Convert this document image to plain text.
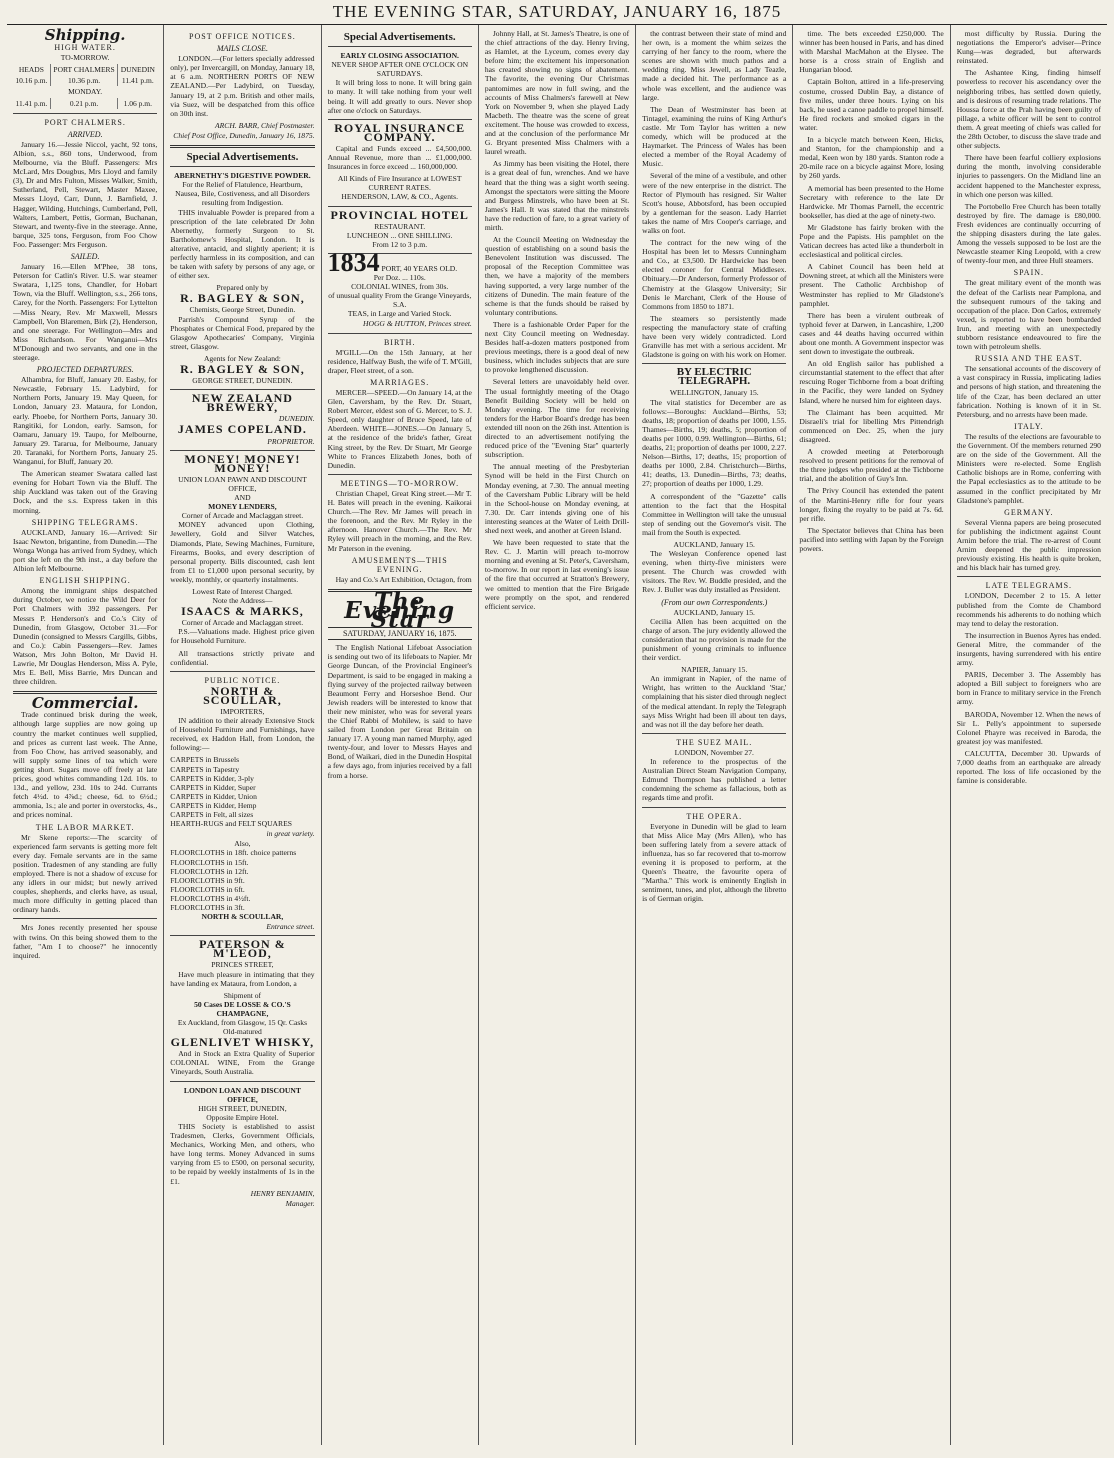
THE EVENING STAR, SATURDAY, JANUARY 16, 1875
Shipping.
HIGH WATER.
TO-MORROW.
HEADS	PORT CHALMERS	DUNEDIN
10.16 p.m.	10.36 p.m.	11.41 p.m.
MONDAY.		
11.41 p.m.	0.21 p.m.	1.06 p.m.
PORT CHALMERS.
ARRIVED.

January 16.—Jessie Niccol, yacht, 92 tons, Albion, s.s., 860 tons, Underwood, from Melbourne, via the Bluff. Passengers: Mrs McLard, Mrs Dougbus, Mrs Lloyd and family (3), Dr and Mrs Fulton, Misses Walker, Smith, Sutherland, Pell, Stewart, Master Maxee, Messrs Lloyd, Carr, Dunn, J. Barnfield, J. Hagger, Wilding, Hutchings, Cumberland, Pell, Walters, Lambert, Pettis, Gorman, Buchanan, Stewart, and twenty-five in the steerage. Anne, barque, 325 tons, Ferguson, from Foo Chow Foo. Passenger: Mrs Ferguson.

SAILED.

January 16.—Ellen M'Phee, 38 tons, Peterson for Catlin's River. U.S. war steamer Swatara, 1,125 tons, Chandler, for Hobart Town, via the Bluff. Wellington, s.s., 266 tons, Carey, for the North. Passengers: For Lyttelton—Miss Neary, Rev. Mr Maxwell, Messrs Campbell, Von Blaremen, Birk (2), Henderson, and one steerage. For Wellington—Mrs and Miss Richardson. For Wanganui—Mrs M'Donough and two servants, and one in the steerage.

PROJECTED DEPARTURES.

Alhambra, for Bluff, January 20. Easby, for Newcastle, February 15. Ladybird, for Northern Ports, January 19. May Queen, for London, January 23. Mataura, for London, early. Phoebe, for Northern Ports, January 30. Rangitiki, for London, early. Samson, for Oamaru, January 19. Taupo, for Melbourne, January 29. Tararua, for Melbourne, January 20. Taranaki, for Northern Ports, January 25. Wanganui, for Bluff, January 20.

The American steamer Swatara called last evening for Hobart Town via the Bluff. The ship Auckland was taken out of the Graving Dock, and the s.s. Express taken in this morning.

SHIPPING TELEGRAMS.

AUCKLAND, January 16.—Arrived: Sir Isaac Newton, brigantine, from Dunedin.—The Wonga Wonga has arrived from Sydney, which port she left on the 9th inst., a day before the Albion left Melbourne.

ENGLISH SHIPPING.

Among the immigrant ships despatched during October, we notice the Wild Deer for Port Chalmers with 392 passengers. Per Messrs P. Henderson's and Co.'s City of Dunedin, from Glasgow, October 31.—For Dunedin (consigned to Messrs Cargills, Gibbs, and Co.): Cabin Passengers—Rev. James Watson, Mrs John Bolton, Mr David H. Lawrie, Mr Douglas Henderson, Miss A. Pyle, Mrs E. Bell, Miss Barrie, Mrs Duncan and three children.

Commercial.

Trade continued brisk during the week, although large supplies are now going up country the market continues well supplied, and prices as current last week. The Anne, from Foo Chow, has arrived seasonably, and will supply some lines of tea which were getting short. Sugars move off freely at late prices, good whites commanding 12d. 10s. to 13d., and yellow, 23d. 10s to 24d. Currants fetch 4½d. to 4⅞d.; cheese, 6d. to 6½d.; ammonia, 1s.; ale and porter in overstocks, 4s., and prices nominal.

THE LABOR MARKET.

Mr Skene reports:—The scarcity of experienced farm servants is getting more felt every day. Female servants are in the same position. Tradesmen of any standing are fully employed. There is not a shadow of excuse for any idlers in our midst; but newly arrived couples, shepherds, and clerks have, as usual, much more difficulty in getting placed than ordinary hands.

Mrs Jones recently presented her spouse with twins. On this being showed them to the father, "Am I to choose?" he innocently inquired.

POST OFFICE NOTICES.
MAILS CLOSE.

LONDON.—(For letters specially addressed only), per Invercargill, on Monday, January 18, at 6 a.m. NORTHERN PORTS OF NEW ZEALAND.—Per Ladybird, on Tuesday, January 19, at 2 p.m. British and other mails, via Suez, will be despatched from this office on 30th inst.

ARCH. BARR, Chief Postmaster.
Chief Post Office, Dunedin, January 16, 1875.
Special Advertisements.
ABERNETHY'S DIGESTIVE POWDER.
For the Relief of Flatulence, Heartburn, Nausea, Bile, Costiveness, and all Disorders resulting from Indigestion.

THIS invaluable Powder is prepared from a prescription of the late celebrated Dr John Abernethy, formerly Surgeon to St. Bartholomew's Hospital, London. It is alterative, antacid, and slightly aperient; it is perfectly harmless in its composition, and can be taken with safety by persons of any age, or of either sex.

Prepared only by
R. BAGLEY & SON,
Chemists, George Street, Dunedin.

Parrish's Compound Syrup of the Phosphates or Chemical Food, prepared by the Glasgow Apothecaries' Company, Virginia street, Glasgow.

Agents for New Zealand:
R. BAGLEY & SON,
GEORGE STREET, DUNEDIN.
NEW ZEALAND BREWERY,
DUNEDIN.
JAMES COPELAND.
PROPRIETOR.
MONEY! MONEY! MONEY!
UNION LOAN PAWN AND DISCOUNT OFFICE,
AND
MONEY LENDERS,
Corner of Arcade and Maclaggan street.

MONEY advanced upon Clothing, Jewellery, Gold and Silver Watches, Diamonds, Plate, Sewing Machines, Furniture, Firearms, Books, and every description of personal property. Bills discounted, cash lent from £1 to £1,000 upon personal security, by weekly, monthly, or quarterly instalments.

Lowest Rate of Interest Charged.
Note the Address—
ISAACS & MARKS,
Corner of Arcade and Maclaggan street.

P.S.—Valuations made. Highest price given for Household Furniture.

All transactions strictly private and confidential.

PUBLIC NOTICE.
NORTH & SCOULLAR,
IMPORTERS,

IN addition to their already Extensive Stock of Household Furniture and Furnishings, have received, ex Haddon Hall, from London, the following:—

CARPETS in Brussels

CARPETS in Tapestry

CARPETS in Kidder, 3-ply

CARPETS in Kidder, Super

CARPETS in Kidder, Union

CARPETS in Kidder, Hemp

CARPETS in Felt, all sizes

HEARTH-RUGS and FELT SQUARES

in great variety.
Also,

FLOORCLOTHS in 18ft. choice patterns

FLOORCLOTHS in 15ft.

FLOORCLOTHS in 12ft.

FLOORCLOTHS in 9ft.

FLOORCLOTHS in 6ft.

FLOORCLOTHS in 4½ft.

FLOORCLOTHS in 3ft.

NORTH & SCOULLAR,
Entrance street.
PATERSON & M'LEOD,
PRINCES STREET,

Have much pleasure in intimating that they have landing ex Mataura, from London, a

Shipment of
50 Cases DE LOSSE & CO.'S CHAMPAGNE,
Ex Auckland, from Glasgow, 15 Qr. Casks Old-matured
GLENLIVET WHISKY,

And in Stock an Extra Quality of Superior COLONIAL WINE, From the Grange Vineyards, South Australia.

LONDON LOAN AND DISCOUNT OFFICE,
HIGH STREET, DUNEDIN,
Opposite Empire Hotel.

THIS Society is established to assist Tradesmen, Clerks, Government Officials, Mechanics, Working Men, and others, who have long terms. Money Advanced in sums varying from £5 to £500, on personal security, to be repaid by weekly instalments of 1s in the £1.

HENRY BENJAMIN,
Manager.
Special Advertisements.
EARLY CLOSING ASSOCIATION.
NEVER SHOP AFTER ONE O'CLOCK ON SATURDAYS.

It will bring loss to none. It will bring gain to many. It will take nothing from your well being. It will add greatly to ours. Never shop after one o'clock on Saturdays.

ROYAL INSURANCE COMPANY.

Capital and Funds exceed ... £4,500,000. Annual Revenue, more than ... £1,000,000. Insurances in force exceed ... 160,000,000.

All Kinds of Fire Insurance at LOWEST CURRENT RATES.
HENDERSON, LAW, & CO., Agents.
PROVINCIAL HOTEL
RESTAURANT.
LUNCHEON ... ONE SHILLING.
From 12 to 3 p.m.
1834 PORT, 40 YEARS OLD.
Per Doz. ... 110s.
COLONIAL WINES, from 30s.
of unusual quality From the Grange Vineyards, S.A.
TEAS, in Large and Varied Stock.
HOGG & HUTTON, Princes street.
BIRTH.

M'GILL—On the 15th January, at her residence, Halfway Bush, the wife of T. M'Gill, draper, Fleet street, of a son.

MARRIAGES.

MERCER—SPEED.—On January 14, at the Glen, Caversham, by the Rev. Dr. Stuart, Robert Mercer, eldest son of G. Mercer, to S. J. Speed, only daughter of Bruce Speed, late of Aberdeen. WHITE—JONES.—On January 5, at the residence of the bride's father, Great King street, by the Rev. Dr Stuart, Mr George White to Frances Elizabeth Jones, both of Dunedin.

MEETINGS—TO-MORROW.

Christian Chapel, Great King street.—Mr T. H. Bates will preach in the evening. Kaikorai Church.—The Rev. Mr James will preach in the forenoon, and the Rev. Mr Ryley in the afternoon. Hanover Church.—The Rev. Mr Ryley will preach in the morning, and the Rev. Mr Paterson in the evening.

AMUSEMENTS—THIS EVENING.

Hay and Co.'s Art Exhibition, Octagon, from

The Evening Star
SATURDAY, JANUARY 16, 1875.

The English National Lifeboat Association is sending out two of its lifeboats to Napier. Mr George Duncan, of the Provincial Engineer's Department, is said to be engaged in making a flying survey of the projected railway between Beaumont Ferry and Horseshoe Bend. Our Jewish readers will be interested to know that their new minister, who was for several years the Chief Rabbi of Mohilew, is said to have sailed from London per Great Britain on January 17. A young man named Murphy, aged twenty-four, and lover to Messrs Hayes and Bond, of Waikari, died in the Dunedin Hospital a few days ago, from injuries received by a fall from a horse.

Johnny Hall, at St. James's Theatre, is one of the chief attractions of the day. Henry Irving, as Hamlet, at the Lyceum, comes every day before him; the excitement his impersonation has created showing no signs of abatement. The favorite, the evening Our Christmas pantomimes are now in full swing, and the accounts of Miss Chalmers's farewell at New York on November 9, when she played Lady Macbeth. The theatre was the scene of great excitement. The house was crowded to excess, and at the conclusion of the performance Mr G. Bryant presented Miss Chalmers with a laurel wreath.

As Jimmy has been visiting the Hotel, there is a great deal of fun, wrenches. And we have heard that the thing was a sight worth seeing. Amongst the spectators were sitting the Moore and Burgess Minstrels, who have been at St. James's Hall. It was stated that the minstrels have the reduction of fare, to a great variety of mirth.

At the Council Meeting on Wednesday the question of establishing on a sound basis the Benevolent Institution was discussed. The proposal of the Reception Committee was then, we have a majority of the members having supported, a very large number of the citizens of Dunedin. The main feature of the scheme is that the funds should be raised by voluntary contributions.

There is a fashionable Order Paper for the next City Council meeting on Wednesday. Besides half-a-dozen matters postponed from previous meetings, there is a good deal of new business, which includes subjects that are sure to provoke lengthened discussion.

Several letters are unavoidably held over. The usual fortnightly meeting of the Otago Benefit Building Society will be held on Monday evening. The time for receiving tenders for the Harbor Board's dredge has been extended till noon on the 26th inst. Attention is directed to an advertisement notifying the reduced price of the "Evening Star" quarterly subscription.

The annual meeting of the Presbyterian Synod will be held in the First Church on Monday evening, at 7.30. The annual meeting of the Caversham Public Library will be held in the School-house on Monday evening, at 7.30. Dr. Carr intends giving one of his interesting seances at the Water of Leith Drill-shed next week, and another at Green Island.

We have been requested to state that the Rev. C. J. Martin will preach to-morrow morning and evening at St. Peter's, Caversham, to-morrow. In our report in last evening's issue of the fire that occurred at Stratton's Brewery, we omitted to mention that the Fire Brigade were promptly on the spot, and rendered efficient service.

the contrast between their state of mind and her own, is a moment the whim seizes the carrying of her fancy to the room, where the scenes are shown with much pathos and a wedding ring. Miss Jewell, as Lady Teazle, made a decided hit. The performance as a whole was excellent, and the audience was large.

The Dean of Westminster has been at Tintagel, examining the ruins of King Arthur's castle. Mr Tom Taylor has written a new comedy, which will be produced at the Haymarket. The Princess of Wales has been elected a member of the Royal Academy of Music.

Several of the mine of a vestibule, and other were of the new enterprise in the district. The Rector of Plymouth has resigned. Sir Walter Scott's house, Abbotsford, has been occupied by a gentleman for the season. Lady Harriet takes the name of Mrs Cooper's carriage, and walks on foot.

The contract for the new wing of the Hospital has been let to Messrs Cunningham and Co., at £3,500. Dr Hardwicke has been elected coroner for Central Middlesex. Obituary.—Dr Anderson, formerly Professor of Chemistry at the Glasgow University; Sir Denis le Marchant, Clerk of the House of Commons from 1850 to 1871.

The steamers so persistently made respecting the manufactory state of crafting have been very widely contradicted. Lord Granville has met with a serious accident. Mr Gladstone is going on with his work on Homer.

BY ELECTRIC TELEGRAPH.
WELLINGTON, January 15.

The vital statistics for December are as follows:—Boroughs: Auckland—Births, 53; deaths, 18; proportion of deaths per 1000, 1.55. Thames—Births, 19; deaths, 5; proportion of deaths per 1000, 0.99. Wellington—Births, 61; deaths, 21; proportion of deaths per 1000, 2.27. Nelson—Births, 17; deaths, 15; proportion of deaths per 1000, 2.84. Christchurch—Births, 41; deaths, 13. Dunedin—Births, 73; deaths, 27; proportion of deaths per 1000, 1.29.

A correspondent of the "Gazette" calls attention to the fact that the Hospital Committee in Wellington will take the unusual step of sending out the Governor's visit. The mail from the South is expected.

AUCKLAND, January 15.

The Wesleyan Conference opened last evening, when thirty-five ministers were present. The Church was crowded with visitors. The Rev. W. Buddle presided, and the Rev. J. Buller was duly installed as President.

(From our own Correspondents.)
AUCKLAND, January 15.

Cecilia Allen has been acquitted on the charge of arson. The jury evidently allowed the consideration that no provision is made for the punishment of young criminals to influence their verdict.

NAPIER, January 15.

An immigrant in Napier, of the name of Wright, has written to the Auckland 'Star,' complaining that his sister died through neglect of the medical attendant. In reply the Telegraph says Miss Wright had been ill about ten days, and was not ill the day before her death.

THE SUEZ MAIL.
LONDON, November 27.

In reference to the prospectus of the Australian Direct Steam Navigation Company, Edmund Thompson has published a letter condemning the scheme as fallacious, both as regards time and profit.

THE OPERA.

Everyone in Dunedin will be glad to learn that Miss Alice May (Mrs Allen), who has been suffering lately from a severe attack of influenza, has so far recovered that to-morrow evening it is proposed to perform, at the Queen's Theatre, the favourite opera of "Martha." This work is eminently English in sentiment, tunes, and plot, although the libretto is of German origin.

time. The bets exceeded £250,000. The winner has been housed in Paris, and has dined with Marshal MacMahon at the Elysee. The horse is a cross strain of English and Hungarian blood.

Captain Bolton, attired in a life-preserving costume, crossed Dublin Bay, a distance of five miles, under three hours. Lying on his back, he used a canoe paddle to propel himself. He fired rockets and smoked cigars in the water.

In a bicycle match between Keen, Hicks, and Stanton, for the championship and a medal, Keen won by 180 yards. Stanton rode a 20-mile race on a bicycle against More, losing by 260 yards.

A memorial has been presented to the Home Secretary with reference to the late Dr Hardwicke. Mr Thomas Parnell, the eccentric bookseller, has died at the age of ninety-two.

Mr Gladstone has fairly broken with the Pope and the Papists. His pamphlet on the Vatican decrees has acted like a thunderbolt in ecclesiastical and political circles.

A Cabinet Council has been held at Downing street, at which all the Ministers were present. The Catholic Archbishop of Westminster has replied to Mr Gladstone's pamphlet.

There has been a virulent outbreak of typhoid fever at Darwen, in Lancashire, 1,200 cases and 44 deaths having occurred within about one month. A Government inspector was sent down to investigate the outbreak.

An old English sailor has published a circumstantial statement to the effect that after rescuing Roger Tichborne from a boat drifting in the Pacific, they were landed on Sydney Island, where he nursed him for eighteen days.

The Claimant has been acquitted. Mr Disraeli's trial for libelling Mrs Pittendrigh commenced on Dec. 25, when the jury disagreed.

A crowded meeting at Peterborough resolved to present petitions for the removal of the three judges who presided at the Tichborne trial, and the abolition of Guy's Inn.

The Privy Council has extended the patent of the Martini-Henry rifle for four years longer, fixing the royalty to be paid at 7s. 6d. per rifle.

The Spectator believes that China has been pacified into settling with Japan by the Foreign powers.

most difficulty by Russia. During the negotiations the Emperor's adviser—Prince Kung—was degraded, but afterwards reinstated.

The Ashantee King, finding himself powerless to recover his ascendancy over the neighboring tribes, has settled down quietly, and is desirous of resuming trade relations. The Houssa force at the Prah having been guilty of pillage, a white officer will be sent to control them. A great meeting of chiefs was called for the 28th October, to discuss the slave trade and other subjects.

There have been fearful colliery explosions during the month, involving considerable injuries to passengers. On the Midland line an accident happened to the Manchester express, in which one person was killed.

The Portobello Free Church has been totally destroyed by fire. The damage is £80,000. Fresh evidences are continually occurring of the shipping disasters during the late gales. Among the vessels supposed to be lost are the Newcastle steamer King Leopold, with a crew of twenty-four men, and three Hull steamers.

SPAIN.

The great military event of the month was the defeat of the Carlists near Pamplona, and the subsequent rumours of the taking and occupation of the place. Don Carlos, extremely vexed, is reported to have been bombarded Irun, and meeting with an unexpectedly stubborn resistance endeavoured to fire the town with petroleum shells.

RUSSIA AND THE EAST.

The sensational accounts of the discovery of a vast conspiracy in Russia, implicating ladies and persons of high station, and threatening the life of the Czar, has been declared an utter fabrication. Nothing is known of it in St. Petersburg, and no arrests have been made.

ITALY.

The results of the elections are favourable to the Government. Of the members returned 290 are on the side of the Government. All the Ministers were re-elected. Some English Catholic bishops are in Rome, conferring with the Papal ecclesiastics as to the attitude to be assumed in the conflict precipitated by Mr Gladstone's pamphlet.

GERMANY.

Several Vienna papers are being prosecuted for publishing the indictment against Count Arnim before the trial. The re-arrest of Count Arnim deepened the public impression previously existing. His health is quite broken, and his black hair has turned grey.

LATE TELEGRAMS.

LONDON, December 2 to 15. A letter published from the Comte de Chambord recommends his adherents to do nothing which may tend to delay the restoration.

The insurrection in Buenos Ayres has ended. General Mitre, the commander of the insurgents, having surrendered with his entire army.

PARIS, December 3. The Assembly has adopted a Bill subject to foreigners who are born in France to military service in the French army.

BARODA, November 12. When the news of Sir L. Pelly's appointment to supersede Colonel Phayre was received in Baroda, the greatest joy was manifested.

CALCUTTA, December 30. Upwards of 7,000 deaths from an earthquake are already reported. The loss of life occasioned by the famine is considerable.
